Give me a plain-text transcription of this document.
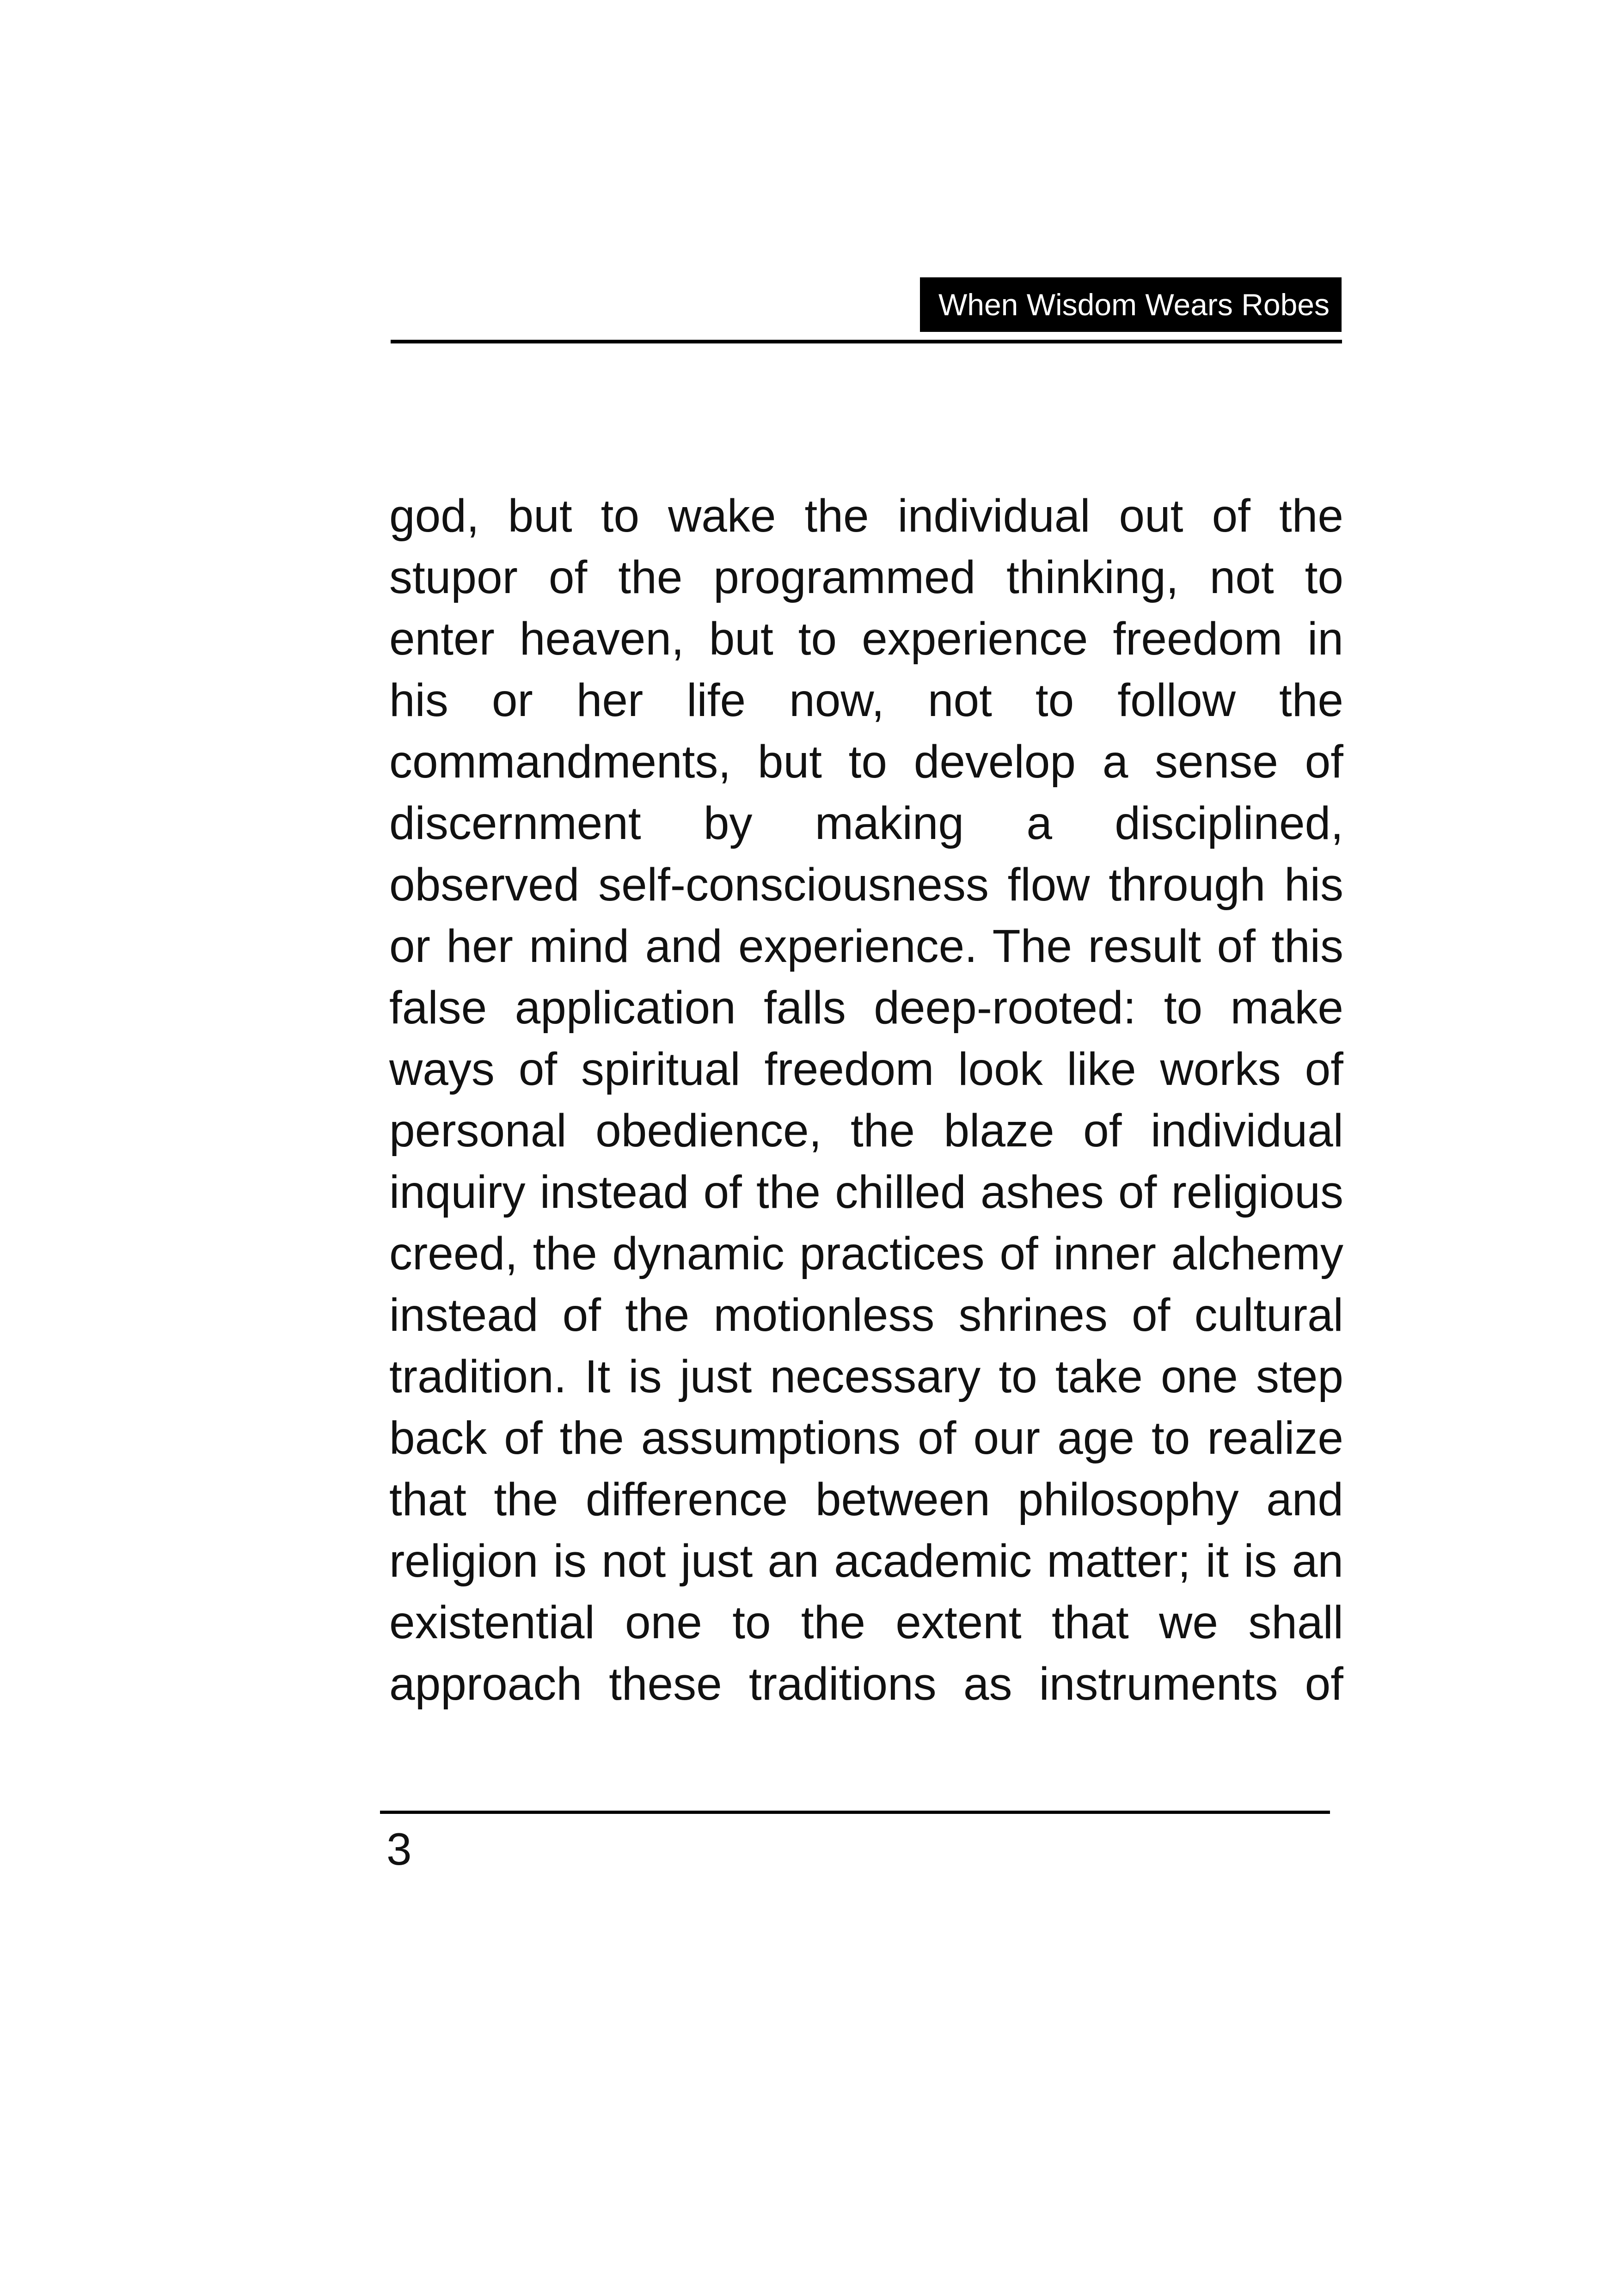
When Wisdom Wears Robes
god, but to wake the individual out of the
stupor of the programmed thinking, not to
enter heaven, but to experience freedom in
his or her life now, not to follow the
commandments, but to develop a sense of
discernment by making a disciplined,
observed self-consciousness flow through his
or her mind and experience. The result of this
false application falls deep-rooted: to make
ways of spiritual freedom look like works of
personal obedience, the blaze of individual
inquiry instead of the chilled ashes of religious
creed, the dynamic practices of inner alchemy
instead of the motionless shrines of cultural
tradition. It is just necessary to take one step
back of the assumptions of our age to realize
that the difference between philosophy and
religion is not just an academic matter; it is an
existential one to the extent that we shall
approach these traditions as instruments of
3
